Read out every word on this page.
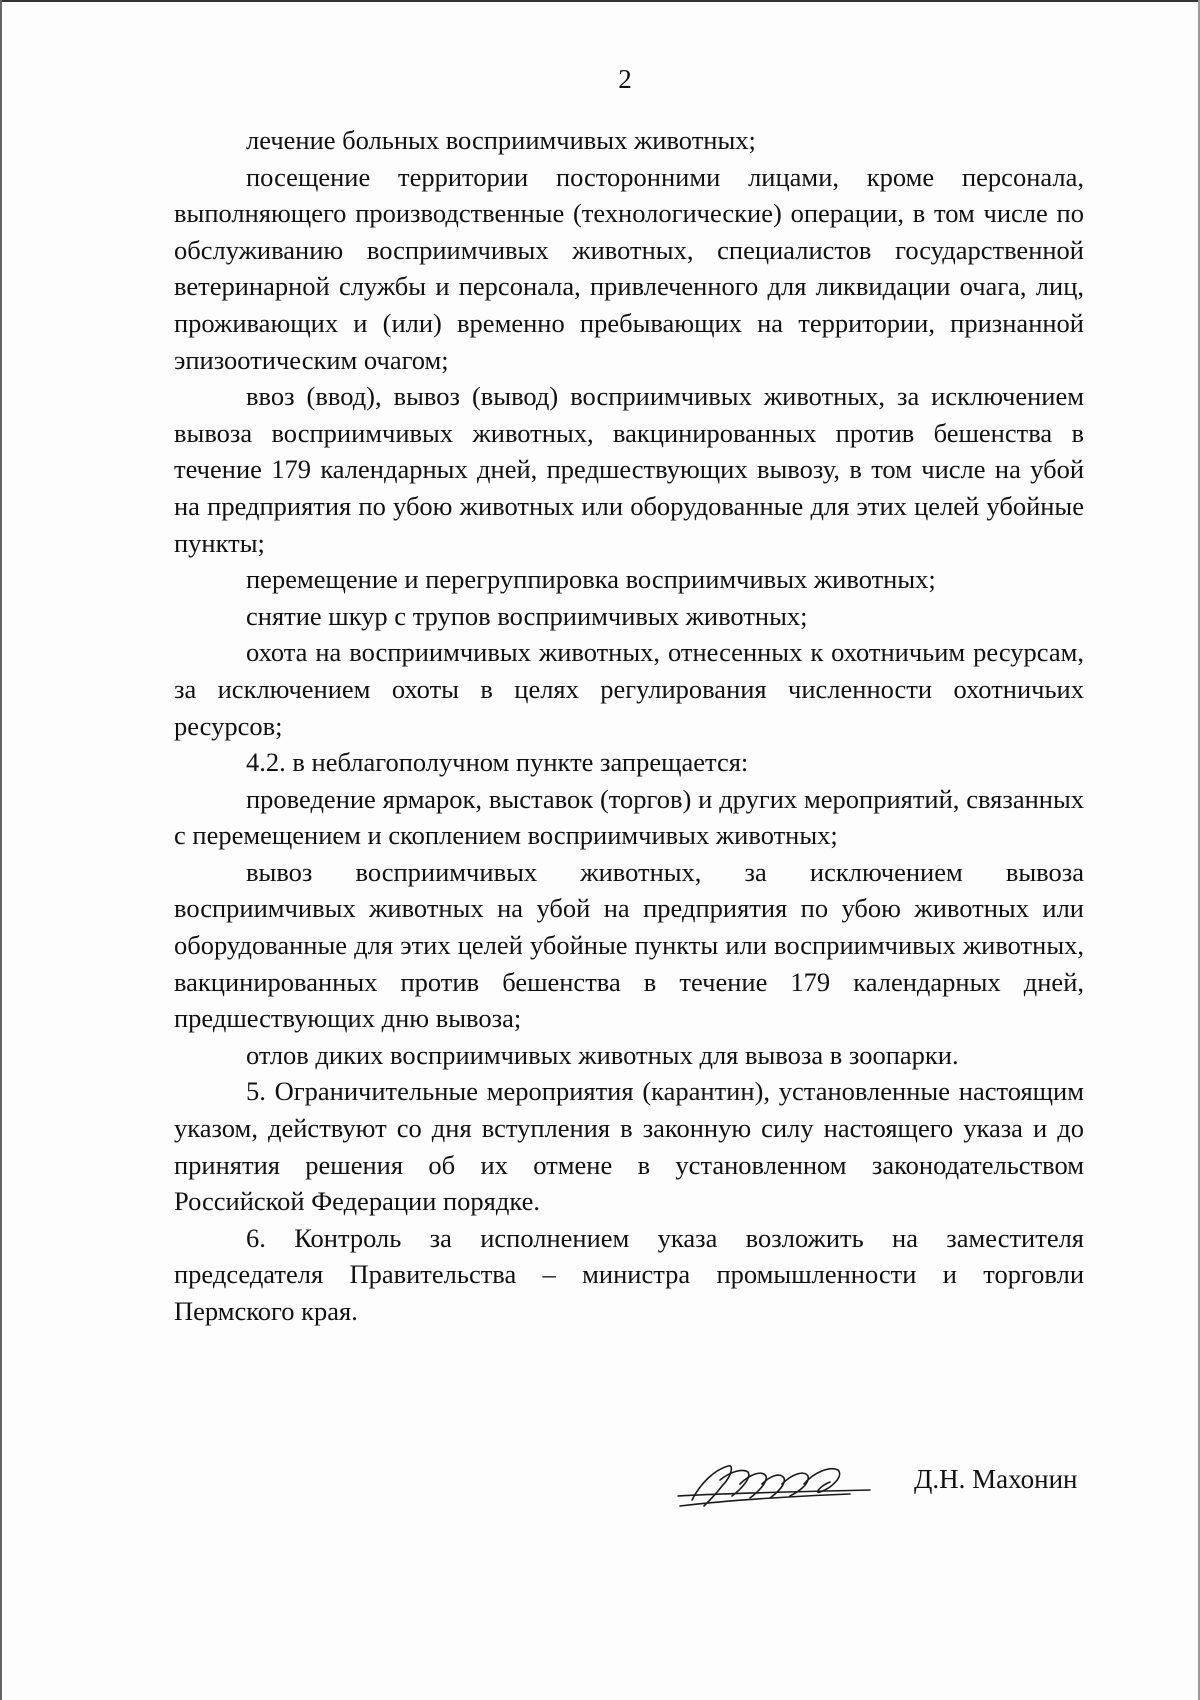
2

лечение больных восприимчивых животных;

посещение территории посторонними лицами, кроме персонала, выполняющего производственные (технологические) операции, в том числе по обслуживанию восприимчивых животных, специалистов государственной ветеринарной службы и персонала, привлеченного для ликвидации очага, лиц, проживающих и (или) временно пребывающих на территории, признанной эпизоотическим очагом;

ввоз (ввод), вывоз (вывод) восприимчивых животных, за исключением вывоза восприимчивых животных, вакцинированных против бешенства в течение 179 календарных дней, предшествующих вывозу, в том числе на убой на предприятия по убою животных или оборудованные для этих целей убойные пункты;

перемещение и перегруппировка восприимчивых животных;

снятие шкур с трупов восприимчивых животных;

охота на восприимчивых животных, отнесенных к охотничьим ресурсам, за исключением охоты в целях регулирования численности охотничьих ресурсов;

4.2. в неблагополучном пункте запрещается:

проведение ярмарок, выставок (торгов) и других мероприятий, связанных с перемещением и скоплением восприимчивых животных;

вывоз восприимчивых животных, за исключением вывоза восприимчивых животных на убой на предприятия по убою животных или оборудованные для этих целей убойные пункты или восприимчивых животных, вакцинированных против бешенства в течение 179 календарных дней, предшествующих дню вывоза;

отлов диких восприимчивых животных для вывоза в зоопарки.

5. Ограничительные мероприятия (карантин), установленные настоящим указом, действуют со дня вступления в законную силу настоящего указа и до принятия решения об их отмене в установленном законодательством Российской Федерации порядке.

6. Контроль за исполнением указа возложить на заместителя председателя Правительства – министра промышленности и торговли Пермского края.

Д.Н. Махонин
